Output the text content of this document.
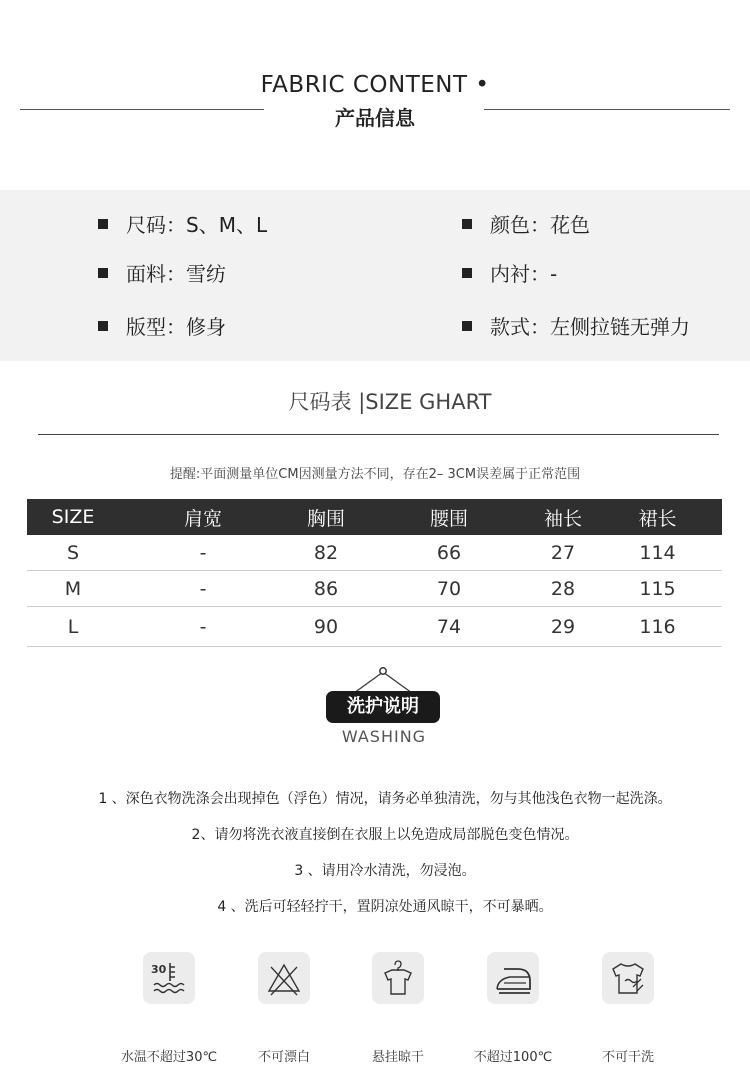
FABRIC CONTENT •
产品信息
尺码：S、M、L	颜色：花色
面料：雪纺	内衬：-
版型：修身	款式：左侧拉链无弹力
尺码表 |SIZE GHART
提醒:平面测量单位CM因测量方法不同，存在2– 3CM误差属于正常范围
SIZE	肩宽	胸围	腰围	袖长	裙长
S	-	82	66	27	114
M	-	86	70	28	115
L	-	90	74	29	116
洗护说明
WASHING
1 、深色衣物洗涤会出现掉色（浮色）情况，请务必单独清洗，勿与其他浅色衣物一起洗涤。
2、请勿将洗衣液直接倒在衣服上以免造成局部脱色变色情况。
3 、请用冷水清洗，勿浸泡。
4 、洗后可轻轻拧干，置阴凉处通风晾干，不可暴晒。
30
水温不超过30℃	不可漂白	悬挂晾干	不超过100℃	不可干洗
